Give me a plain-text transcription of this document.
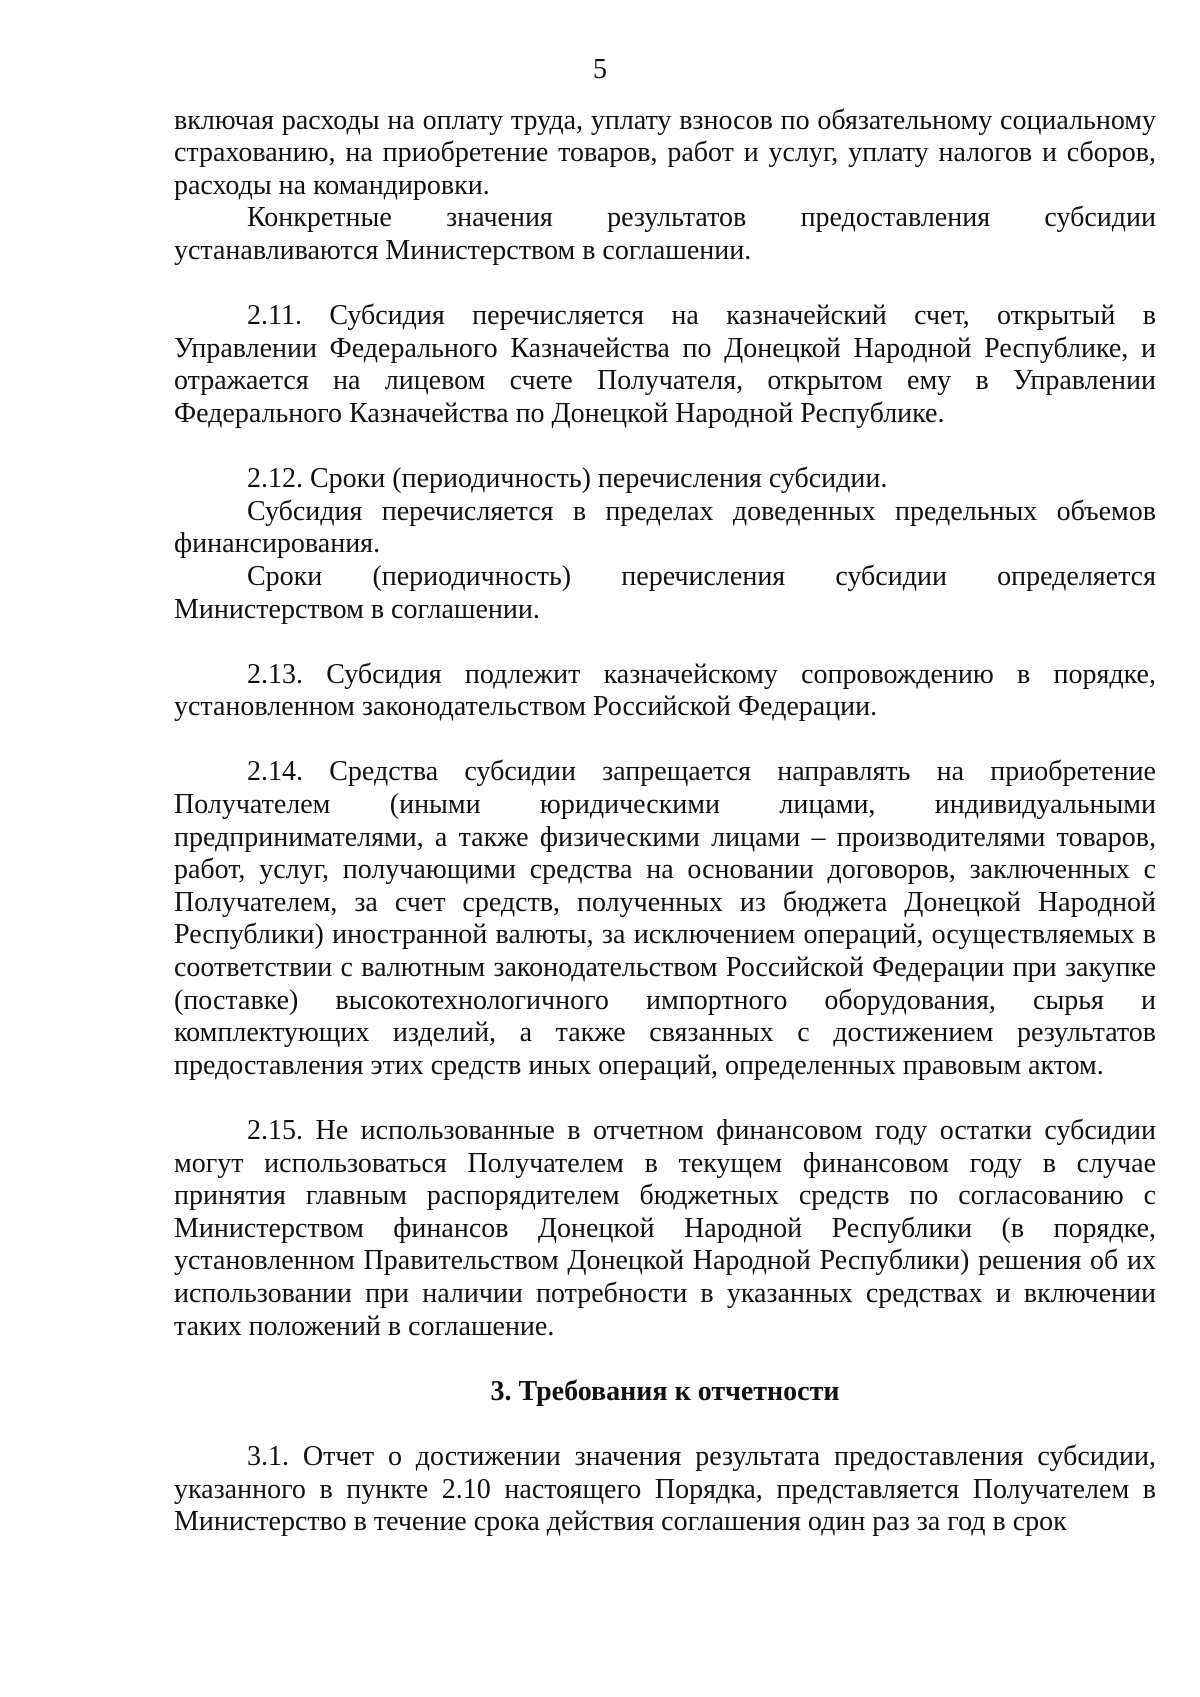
5

включая расходы на оплату труда, уплату взносов по обязательному социальному страхованию, на приобретение товаров, работ и услуг, уплату налогов и сборов, расходы на командировки.

Конкретные значения результатов предоставления субсидии устанавливаются Министерством в соглашении.

2.11. Субсидия перечисляется на казначейский счет, открытый в Управлении Федерального Казначейства по Донецкой Народной Республике, и отражается на лицевом счете Получателя, открытом ему в Управлении Федерального Казначейства по Донецкой Народной Республике.

2.12. Сроки (периодичность) перечисления субсидии.

Субсидия перечисляется в пределах доведенных предельных объемов финансирования.

Сроки (периодичность) перечисления субсидии определяется Министерством в соглашении.

2.13. Субсидия подлежит казначейскому сопровождению в порядке, установленном законодательством Российской Федерации.

2.14. Средства субсидии запрещается направлять на приобретение Получателем (иными юридическими лицами, индивидуальными предпринимателями, а также физическими лицами – производителями товаров, работ, услуг, получающими средства на основании договоров, заключенных с Получателем, за счет средств, полученных из бюджета Донецкой Народной Республики) иностранной валюты, за исключением операций, осуществляемых в соответствии с валютным законодательством Российской Федерации при закупке (поставке) высокотехнологичного импортного оборудования, сырья и комплектующих изделий, а также связанных с достижением результатов предоставления этих средств иных операций, определенных правовым актом.

2.15. Не использованные в отчетном финансовом году остатки субсидии могут использоваться Получателем в текущем финансовом году в случае принятия главным распорядителем бюджетных средств по согласованию с Министерством финансов Донецкой Народной Республики (в порядке, установленном Правительством Донецкой Народной Республики) решения об их использовании при наличии потребности в указанных средствах и включении таких положений в соглашение.

3. Требования к отчетности

3.1. Отчет о достижении значения результата предоставления субсидии, указанного в пункте 2.10 настоящего Порядка, представляется Получателем в Министерство в течение срока действия соглашения один раз за год в срок
